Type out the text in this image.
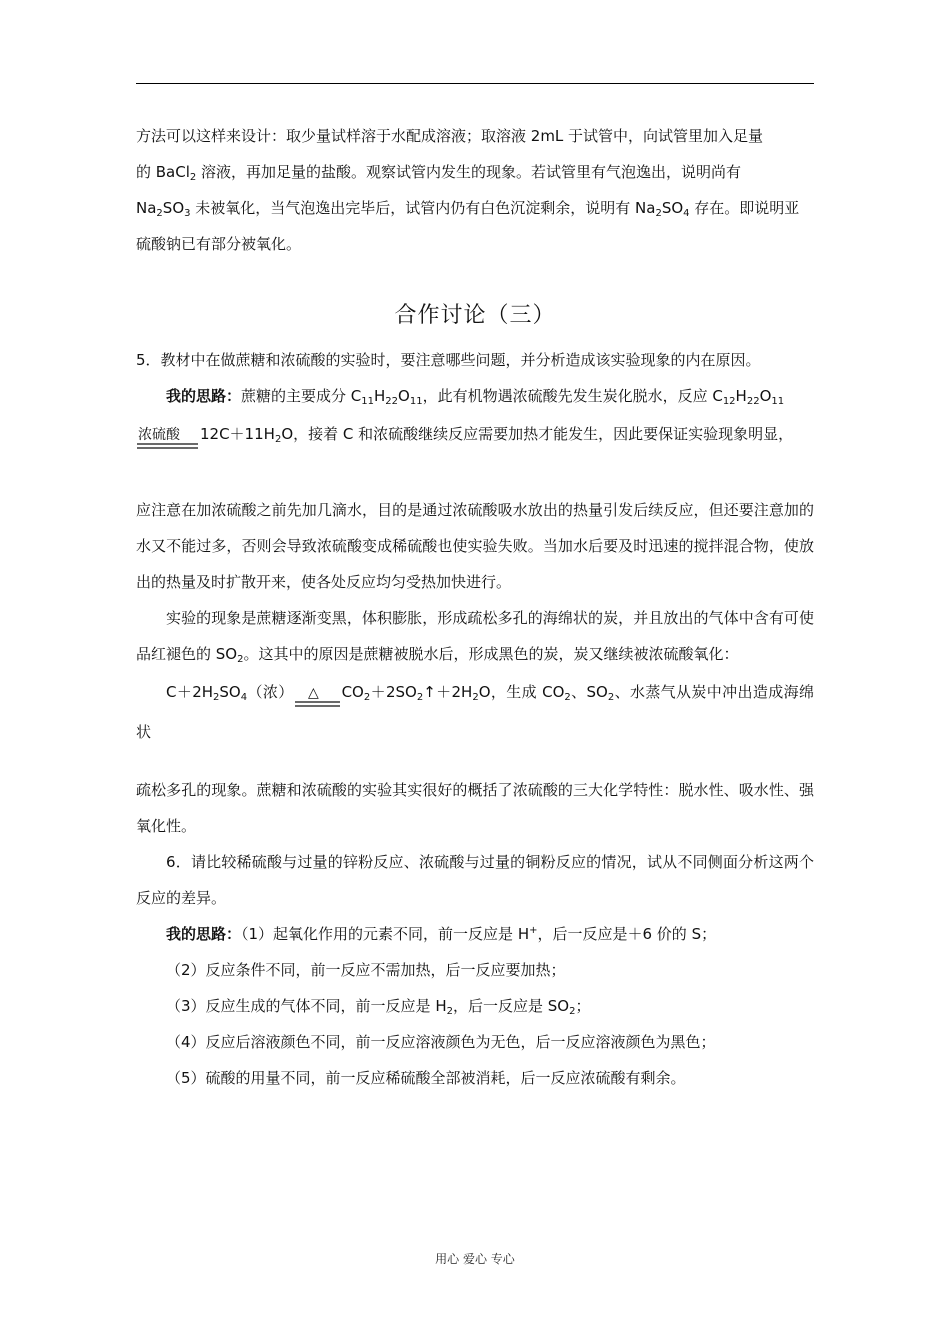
方法可以这样来设计：取少量试样溶于水配成溶液；取溶液 2mL 于试管中，向试管里加入足量

的 BaCl$_2$ 溶液，再加足量的盐酸。观察试管内发生的现象。若试管里有气泡逸出，说明尚有

$Na_2SO_3$ 未被氧化，当气泡逸出完毕后，试管内仍有白色沉淀剩余，说明有 $Na_2SO_4$ 存在。即说明亚

硫酸钠已有部分被氧化。

合作讨论（三）

5．教材中在做蔗糖和浓硫酸的实验时，要注意哪些问题，并分析造成该实验现象的内在原因。

我的思路：蔗糖的主要成分 $C_{11}H_{22}O_{11}$，此有机物遇浓硫酸先发生炭化脱水，反应 $C_{12}H_{22}O_{11}$

浓硫酸 $12C+11H_2O$，接着 C 和浓硫酸继续反应需要加热才能发生，因此要保证实验现象明显，

应注意在加浓硫酸之前先加几滴水，目的是通过浓硫酸吸水放出的热量引发后续反应，但还要注意加的水又不能过多，否则会导致浓硫酸变成稀硫酸也使实验失败。当加水后要及时迅速的搅拌混合物，使放出的热量及时扩散开来，使各处反应均匀受热加快进行。

实验的现象是蔗糖逐渐变黑，体积膨胀，形成疏松多孔的海绵状的炭，并且放出的气体中含有可使品红褪色的 $SO_2$。这其中的原因是蔗糖被脱水后，形成黑色的炭，炭又继续被浓硫酸氧化：

$C+2H_2SO_4$（浓） △ $CO_2+2SO_2↑+2H_2O$，生成 $CO_2$、$SO_2$、水蒸气从炭中冲出造成海绵状

疏松多孔的现象。蔗糖和浓硫酸的实验其实很好的概括了浓硫酸的三大化学特性：脱水性、吸水性、强氧化性。

6．请比较稀硫酸与过量的锌粉反应、浓硫酸与过量的铜粉反应的情况，试从不同侧面分析这两个反应的差异。

我的思路：（1）起氧化作用的元素不同，前一反应是 H+，后一反应是＋6 价的 S；

（2）反应条件不同，前一反应不需加热，后一反应要加热；

（3）反应生成的气体不同，前一反应是 $H_2$，后一反应是 $SO_2$；

（4）反应后溶液颜色不同，前一反应溶液颜色为无色，后一反应溶液颜色为黑色；

（5）硫酸的用量不同，前一反应稀硫酸全部被消耗，后一反应浓硫酸有剩余。

用心 爱心 专心
